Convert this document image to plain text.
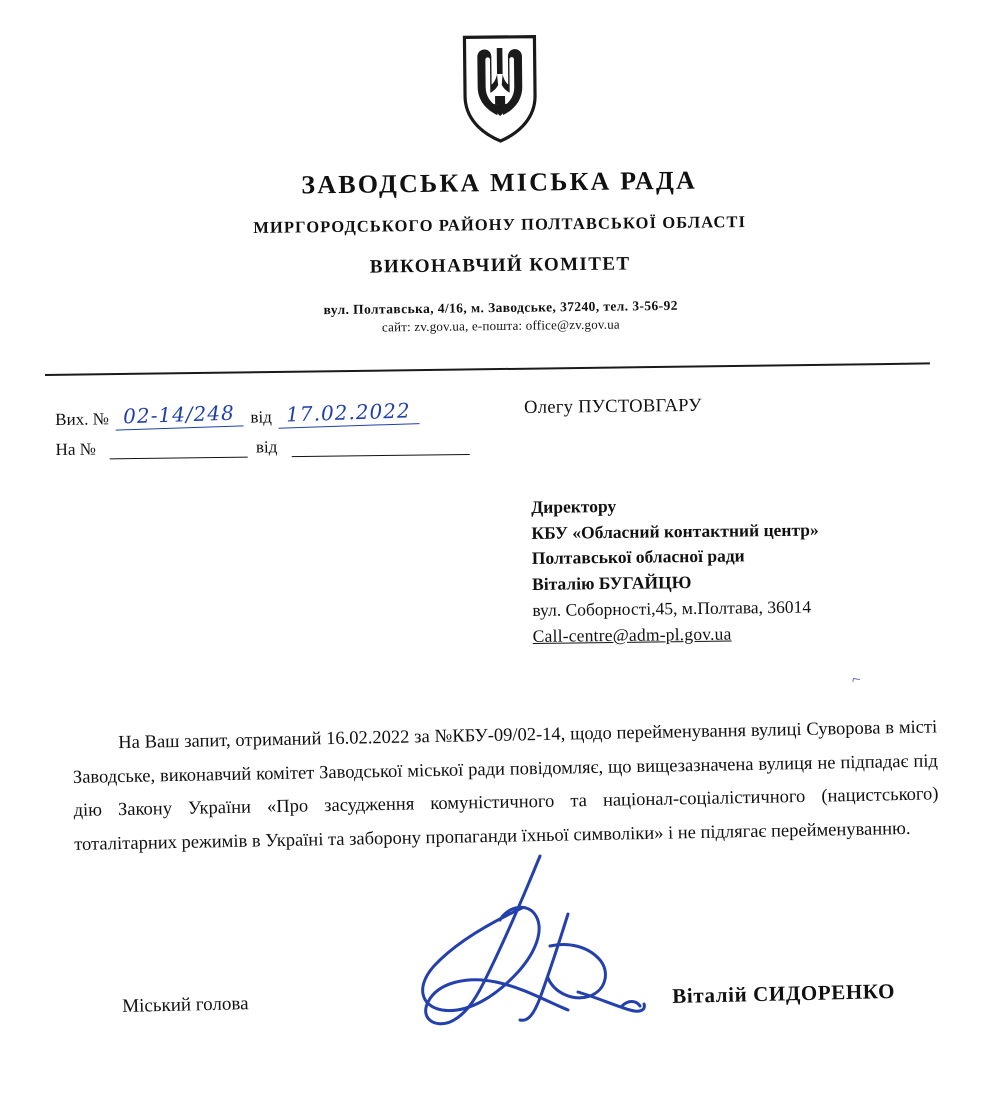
ЗАВОДСЬКА МІСЬКА РАДА
МИРГОРОДСЬКОГО РАЙОНУ ПОЛТАВСЬКОЇ ОБЛАСТІ
ВИКОНАВЧИЙ КОМІТЕТ
вул. Полтавська, 4/16, м. Заводське, 37240, тел. 3-56-92
сайт: zv.gov.ua, е-пошта: office@zv.gov.ua
Вих. № 02-14/248 від 17.02.2022
На №	від
Олегу ПУСТОВГАРУ
Директору
КБУ «Обласний контактний центр»
Полтавської обласної ради
Віталію БУГАЙЦЮ
вул. Соборності,45, м.Полтава, 36014
Call-centre@adm-pl.gov.ua
⌐
На Ваш запит, отриманий 16.02.2022 за №КБУ-09/02-14, щодо перейменування вулиці Суворова в місті Заводське, виконавчий комітет Заводської міської ради повідомляє, що вищезазначена вулиця не підпадає під дію Закону України «Про засудження комуністичного та націонал-соціалістичного (нацистського) тоталітарних режимів в Україні та заборону пропаганди їхньої символіки» і не підлягає перейменуванню.
Міський голова	Віталій СИДОРЕНКО
